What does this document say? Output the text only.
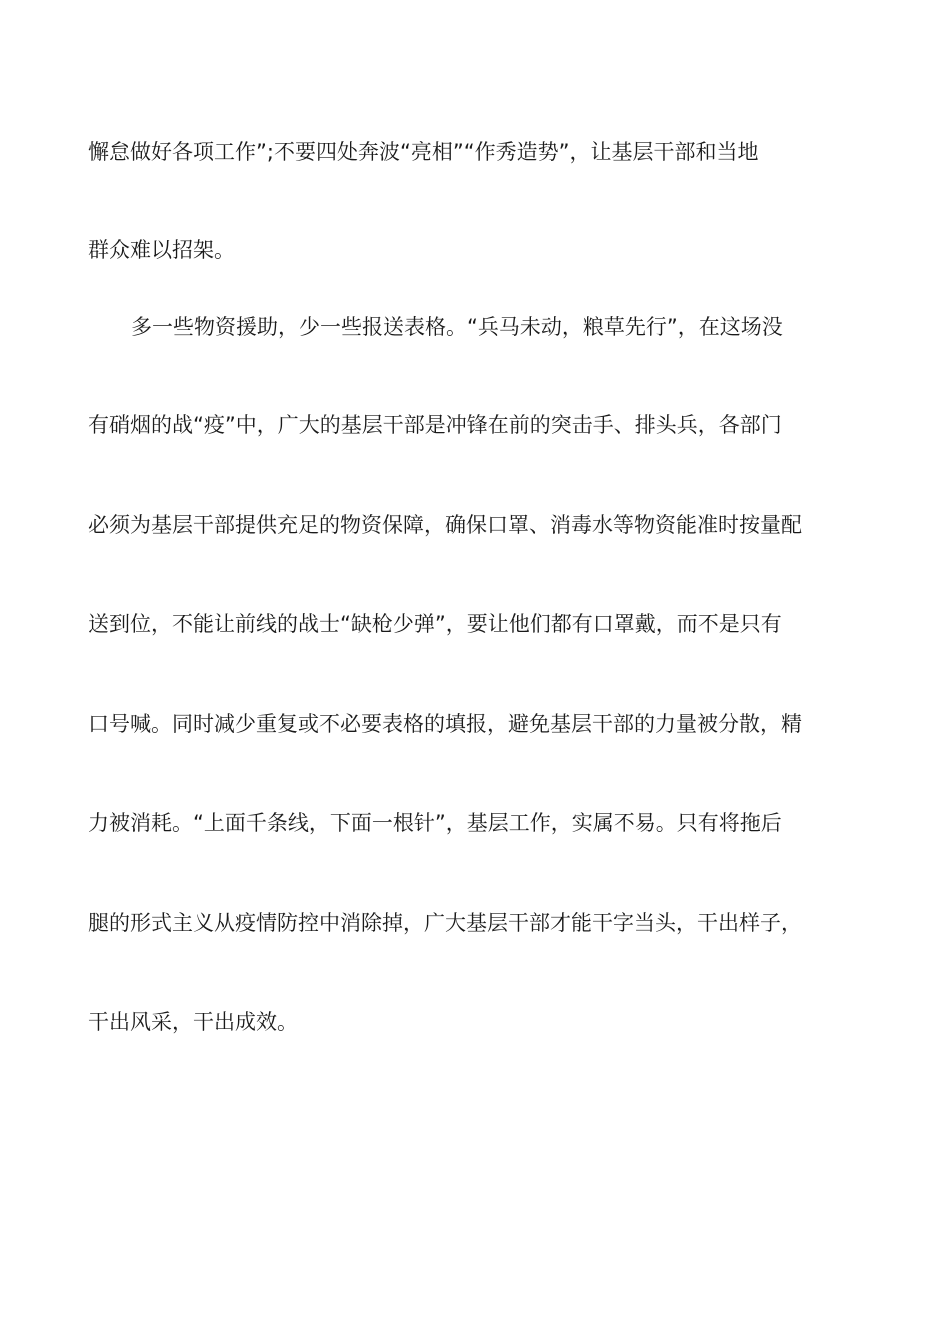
懈怠做好各项工作”;不要四处奔波“亮相”“作秀造势”，让基层干部和当地
群众难以招架。
多一些物资援助，少一些报送表格。“兵马未动，粮草先行”，在这场没
有硝烟的战“疫”中，广大的基层干部是冲锋在前的突击手、排头兵，各部门
必须为基层干部提供充足的物资保障，确保口罩、消毒水等物资能准时按量配
送到位，不能让前线的战士“缺枪少弹”，要让他们都有口罩戴，而不是只有
口号喊。同时减少重复或不必要表格的填报，避免基层干部的力量被分散，精
力被消耗。“上面千条线，下面一根针”，基层工作，实属不易。只有将拖后
腿的形式主义从疫情防控中消除掉，广大基层干部才能干字当头，干出样子，
干出风采，干出成效。
